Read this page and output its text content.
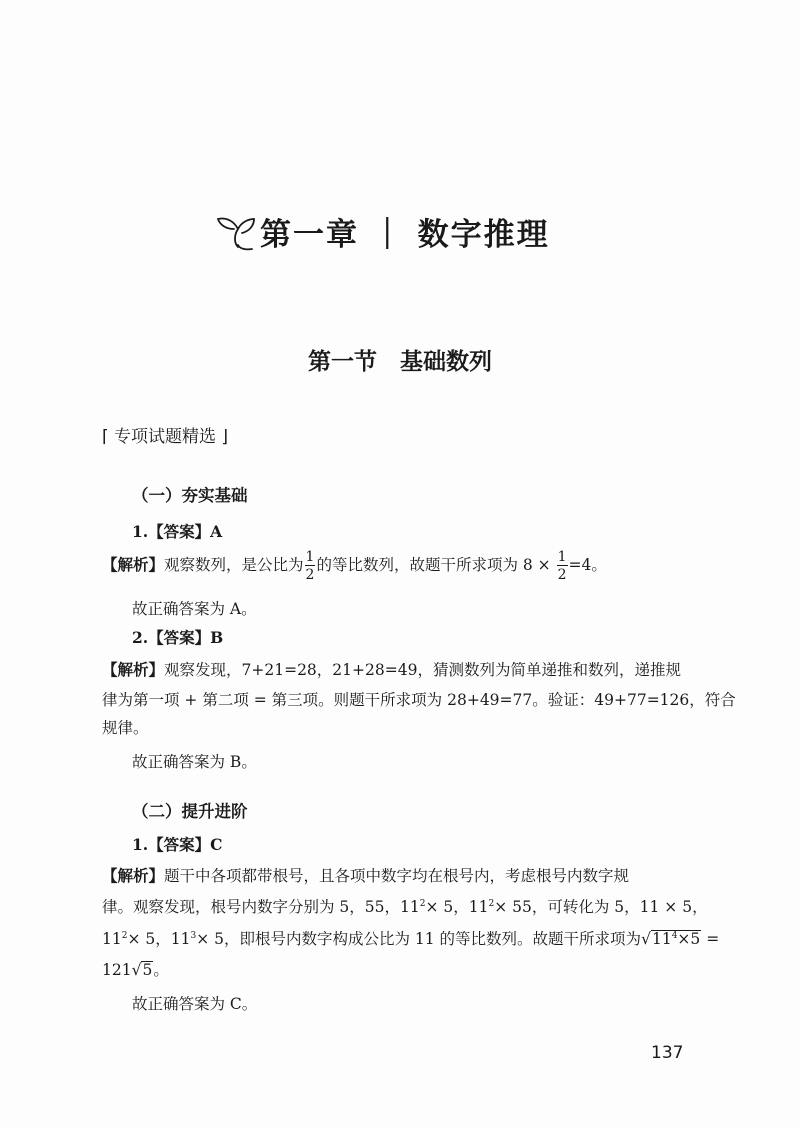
第一章 ｜ 数字推理
第一节　基础数列
⌈ 专项试题精选 ⌋
（一）夯实基础
1.【答案】A
【解析】观察数列，是公比为 $\frac{1}{2}$ 的等比数列，故题干所求项为 $8 \times \frac{1}{2} =4$。
故正确答案为 A。
2.【答案】B
【解析】观察发现，7+21=28，21+28=49，猜测数列为简单递推和数列，递推规
律为第一项 + 第二项 = 第三项。则题干所求项为 28+49=77。验证：49+77=126，符合
规律。
故正确答案为 B。
（二）提升进阶
1.【答案】C
【解析】题干中各项都带根号，且各项中数字均在根号内，考虑根号内数字规
律。观察发现，根号内数字分别为 5，55，$11^2\times 5$，$11^2\times 55$，可转化为 5，11 × 5，
$11^2\times 5$，$11^3\times 5$，即根号内数字构成公比为 11 的等比数列。故题干所求项为$√11^4\times 5$ =
121√5。
故正确答案为 C。
137
